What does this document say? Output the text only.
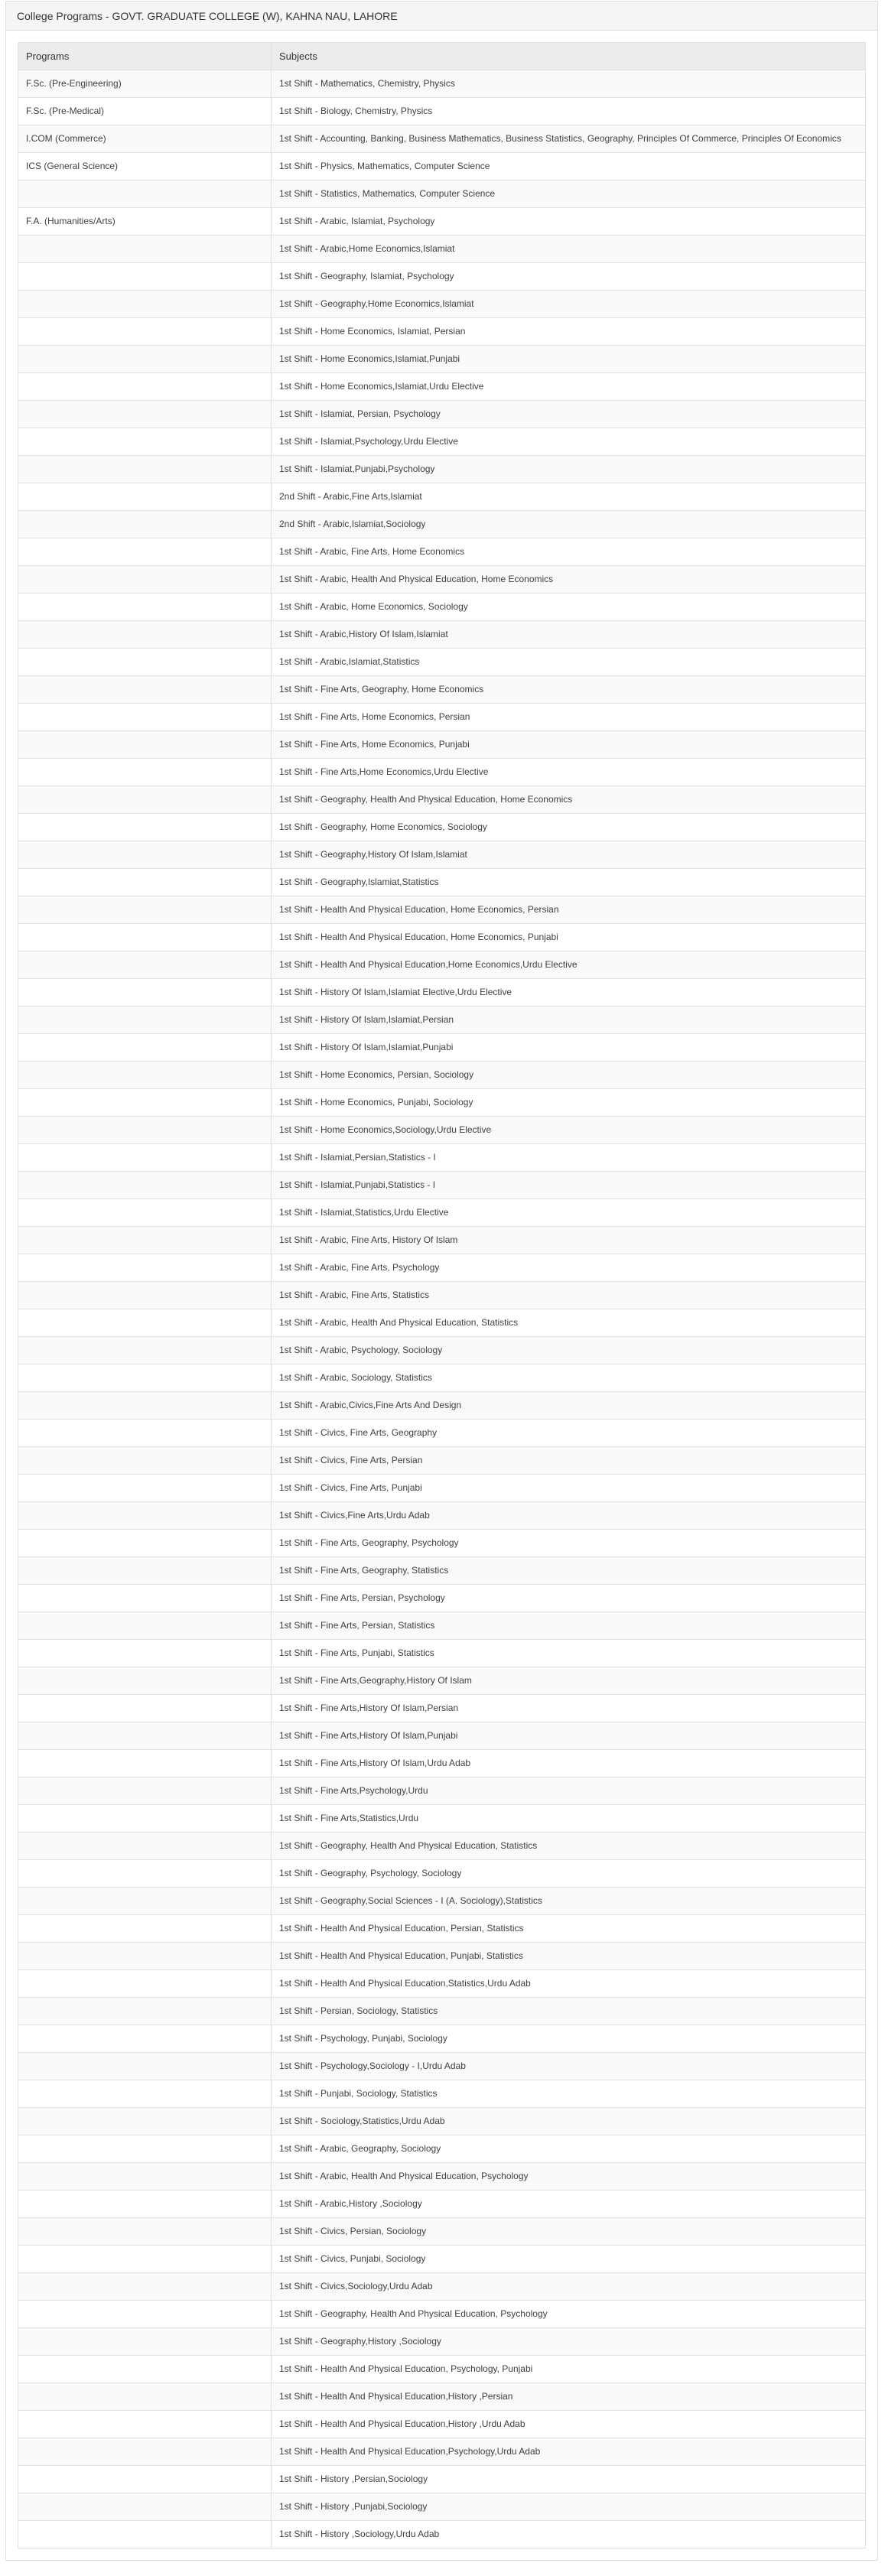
College Programs - GOVT. GRADUATE COLLEGE (W), KAHNA NAU, LAHORE
Programs	Subjects
F.Sc. (Pre-Engineering)	1st Shift - Mathematics, Chemistry, Physics
F.Sc. (Pre-Medical)	1st Shift - Biology, Chemistry, Physics
I.COM (Commerce)	1st Shift - Accounting, Banking, Business Mathematics, Business Statistics, Geography, Principles Of Commerce, Principles Of Economics
ICS (General Science)	1st Shift - Physics, Mathematics, Computer Science
	1st Shift - Statistics, Mathematics, Computer Science
F.A. (Humanities/Arts)	1st Shift - Arabic, Islamiat, Psychology
	1st Shift - Arabic,Home Economics,Islamiat
	1st Shift - Geography, Islamiat, Psychology
	1st Shift - Geography,Home Economics,Islamiat
	1st Shift - Home Economics, Islamiat, Persian
	1st Shift - Home Economics,Islamiat,Punjabi
	1st Shift - Home Economics,Islamiat,Urdu Elective
	1st Shift - Islamiat, Persian, Psychology
	1st Shift - Islamiat,Psychology,Urdu Elective
	1st Shift - Islamiat,Punjabi,Psychology
	2nd Shift - Arabic,Fine Arts,Islamiat
	2nd Shift - Arabic,Islamiat,Sociology
	1st Shift - Arabic, Fine Arts, Home Economics
	1st Shift - Arabic, Health And Physical Education, Home Economics
	1st Shift - Arabic, Home Economics, Sociology
	1st Shift - Arabic,History Of Islam,Islamiat
	1st Shift - Arabic,Islamiat,Statistics
	1st Shift - Fine Arts, Geography, Home Economics
	1st Shift - Fine Arts, Home Economics, Persian
	1st Shift - Fine Arts, Home Economics, Punjabi
	1st Shift - Fine Arts,Home Economics,Urdu Elective
	1st Shift - Geography, Health And Physical Education, Home Economics
	1st Shift - Geography, Home Economics, Sociology
	1st Shift - Geography,History Of Islam,Islamiat
	1st Shift - Geography,Islamiat,Statistics
	1st Shift - Health And Physical Education, Home Economics, Persian
	1st Shift - Health And Physical Education, Home Economics, Punjabi
	1st Shift - Health And Physical Education,Home Economics,Urdu Elective
	1st Shift - History Of Islam,Islamiat Elective,Urdu Elective
	1st Shift - History Of Islam,Islamiat,Persian
	1st Shift - History Of Islam,Islamiat,Punjabi
	1st Shift - Home Economics, Persian, Sociology
	1st Shift - Home Economics, Punjabi, Sociology
	1st Shift - Home Economics,Sociology,Urdu Elective
	1st Shift - Islamiat,Persian,Statistics - I
	1st Shift - Islamiat,Punjabi,Statistics - I
	1st Shift - Islamiat,Statistics,Urdu Elective
	1st Shift - Arabic, Fine Arts, History Of Islam
	1st Shift - Arabic, Fine Arts, Psychology
	1st Shift - Arabic, Fine Arts, Statistics
	1st Shift - Arabic, Health And Physical Education, Statistics
	1st Shift - Arabic, Psychology, Sociology
	1st Shift - Arabic, Sociology, Statistics
	1st Shift - Arabic,Civics,Fine Arts And Design
	1st Shift - Civics, Fine Arts, Geography
	1st Shift - Civics, Fine Arts, Persian
	1st Shift - Civics, Fine Arts, Punjabi
	1st Shift - Civics,Fine Arts,Urdu Adab
	1st Shift - Fine Arts, Geography, Psychology
	1st Shift - Fine Arts, Geography, Statistics
	1st Shift - Fine Arts, Persian, Psychology
	1st Shift - Fine Arts, Persian, Statistics
	1st Shift - Fine Arts, Punjabi, Statistics
	1st Shift - Fine Arts,Geography,History Of Islam
	1st Shift - Fine Arts,History Of Islam,Persian
	1st Shift - Fine Arts,History Of Islam,Punjabi
	1st Shift - Fine Arts,History Of Islam,Urdu Adab
	1st Shift - Fine Arts,Psychology,Urdu
	1st Shift - Fine Arts,Statistics,Urdu
	1st Shift - Geography, Health And Physical Education, Statistics
	1st Shift - Geography, Psychology, Sociology
	1st Shift - Geography,Social Sciences - I (A. Sociology),Statistics
	1st Shift - Health And Physical Education, Persian, Statistics
	1st Shift - Health And Physical Education, Punjabi, Statistics
	1st Shift - Health And Physical Education,Statistics,Urdu Adab
	1st Shift - Persian, Sociology, Statistics
	1st Shift - Psychology, Punjabi, Sociology
	1st Shift - Psychology,Sociology - I,Urdu Adab
	1st Shift - Punjabi, Sociology, Statistics
	1st Shift - Sociology,Statistics,Urdu Adab
	1st Shift - Arabic, Geography, Sociology
	1st Shift - Arabic, Health And Physical Education, Psychology
	1st Shift - Arabic,History ,Sociology
	1st Shift - Civics, Persian, Sociology
	1st Shift - Civics, Punjabi, Sociology
	1st Shift - Civics,Sociology,Urdu Adab
	1st Shift - Geography, Health And Physical Education, Psychology
	1st Shift - Geography,History ,Sociology
	1st Shift - Health And Physical Education, Psychology, Punjabi
	1st Shift - Health And Physical Education,History ,Persian
	1st Shift - Health And Physical Education,History ,Urdu Adab
	1st Shift - Health And Physical Education,Psychology,Urdu Adab
	1st Shift - History ,Persian,Sociology
	1st Shift - History ,Punjabi,Sociology
	1st Shift - History ,Sociology,Urdu Adab
